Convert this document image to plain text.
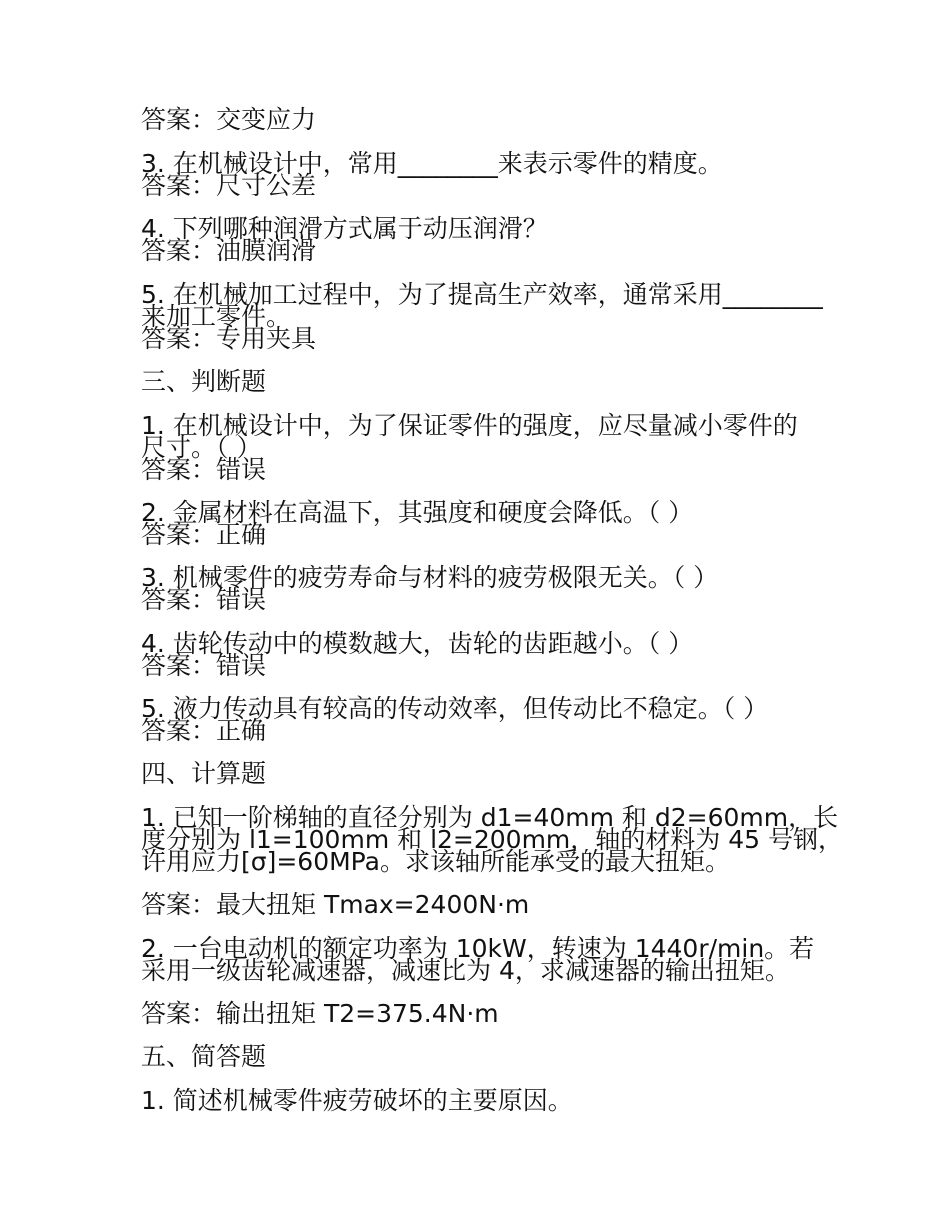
答案：交变应力
3. 在机械设计中，常用________来表示零件的精度。
答案：尺寸公差
4. 下列哪种润滑方式属于动压润滑？
答案：油膜润滑
5. 在机械加工过程中，为了提高生产效率，通常采用________
来加工零件。
答案：专用夹具
三、判断题
1. 在机械设计中，为了保证零件的强度，应尽量减小零件的
尺寸。（ ）
答案：错误
2. 金属材料在高温下，其强度和硬度会降低。（ ）
答案：正确
3. 机械零件的疲劳寿命与材料的疲劳极限无关。（ ）
答案：错误
4. 齿轮传动中的模数越大，齿轮的齿距越小。（ ）
答案：错误
5. 液力传动具有较高的传动效率，但传动比不稳定。（ ）
答案：正确
四、计算题
1. 已知一阶梯轴的直径分别为 d1=40mm 和 d2=60mm，长
度分别为 l1=100mm 和 l2=200mm，轴的材料为 45 号钢，
许用应力[σ]=60MPa。求该轴所能承受的最大扭矩。
答案：最大扭矩 Tmax=2400N·m
2. 一台电动机的额定功率为 10kW，转速为 1440r/min。若
采用一级齿轮减速器，减速比为 4，求减速器的输出扭矩。
答案：输出扭矩 T2=375.4N·m
五、简答题
1. 简述机械零件疲劳破坏的主要原因。
